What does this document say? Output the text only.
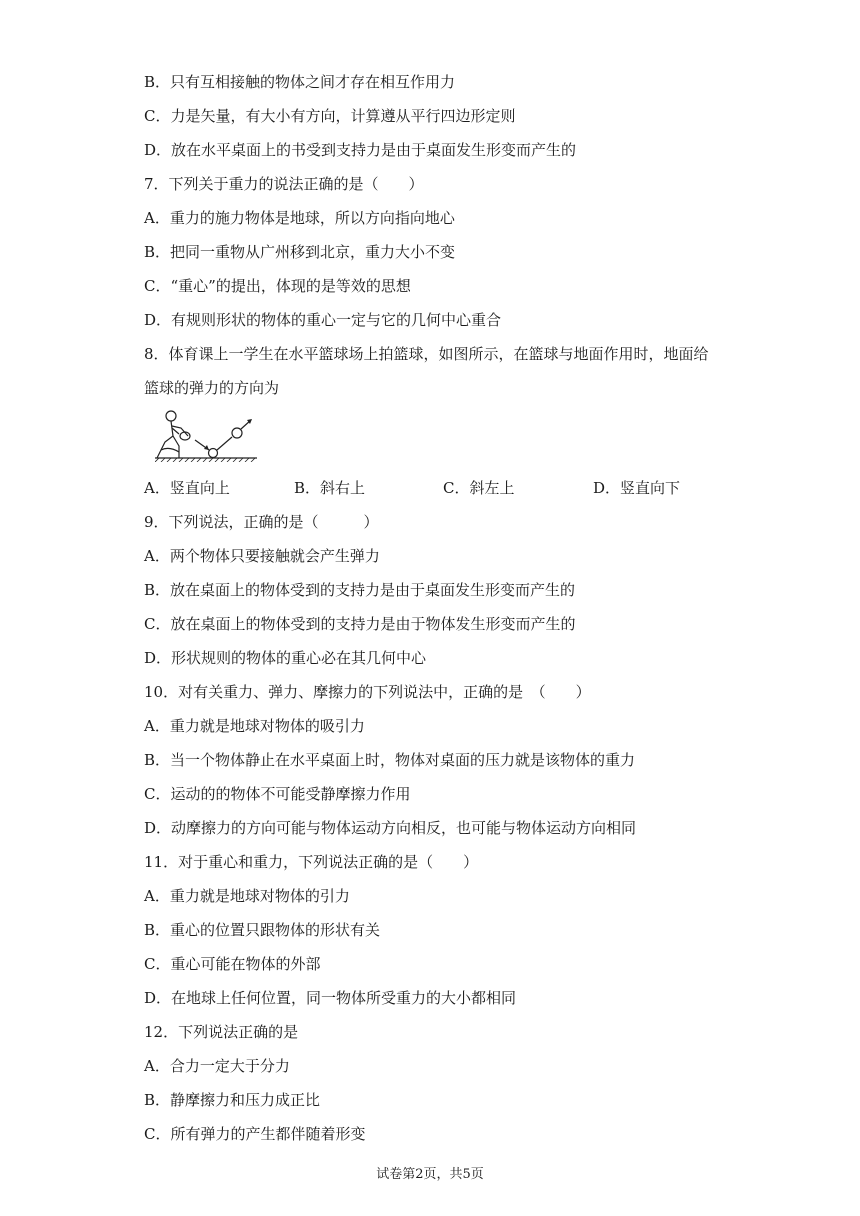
B．只有互相接触的物体之间才存在相互作用力

C．力是矢量，有大小有方向，计算遵从平行四边形定则

D．放在水平桌面上的书受到支持力是由于桌面发生形变而产生的

7．下列关于重力的说法正确的是（　　）

A．重力的施力物体是地球，所以方向指向地心

B．把同一重物从广州移到北京，重力大小不变

C．“重心”的提出，体现的是等效的思想

D．有规则形状的物体的重心一定与它的几何中心重合

8．体育课上一学生在水平篮球场上拍篮球，如图所示，在篮球与地面作用时，地面给

篮球的弹力的方向为

A．竖直向上	B．斜右上	C．斜左上	D．竖直向下

9．下列说法，正确的是（　　　）

A．两个物体只要接触就会产生弹力

B．放在桌面上的物体受到的支持力是由于桌面发生形变而产生的

C．放在桌面上的物体受到的支持力是由于物体发生形变而产生的

D．形状规则的物体的重心必在其几何中心

10．对有关重力、弹力、摩擦力的下列说法中，正确的是　（　　）

A．重力就是地球对物体的吸引力

B．当一个物体静止在水平桌面上时，物体对桌面的压力就是该物体的重力

C．运动的的物体不可能受静摩擦力作用

D．动摩擦力的方向可能与物体运动方向相反，也可能与物体运动方向相同

11．对于重心和重力，下列说法正确的是（　　）

A．重力就是地球对物体的引力

B．重心的位置只跟物体的形状有关

C．重心可能在物体的外部

D．在地球上任何位置，同一物体所受重力的大小都相同

12．下列说法正确的是

A．合力一定大于分力

B．静摩擦力和压力成正比

C．所有弹力的产生都伴随着形变

试卷第2页，共5页
